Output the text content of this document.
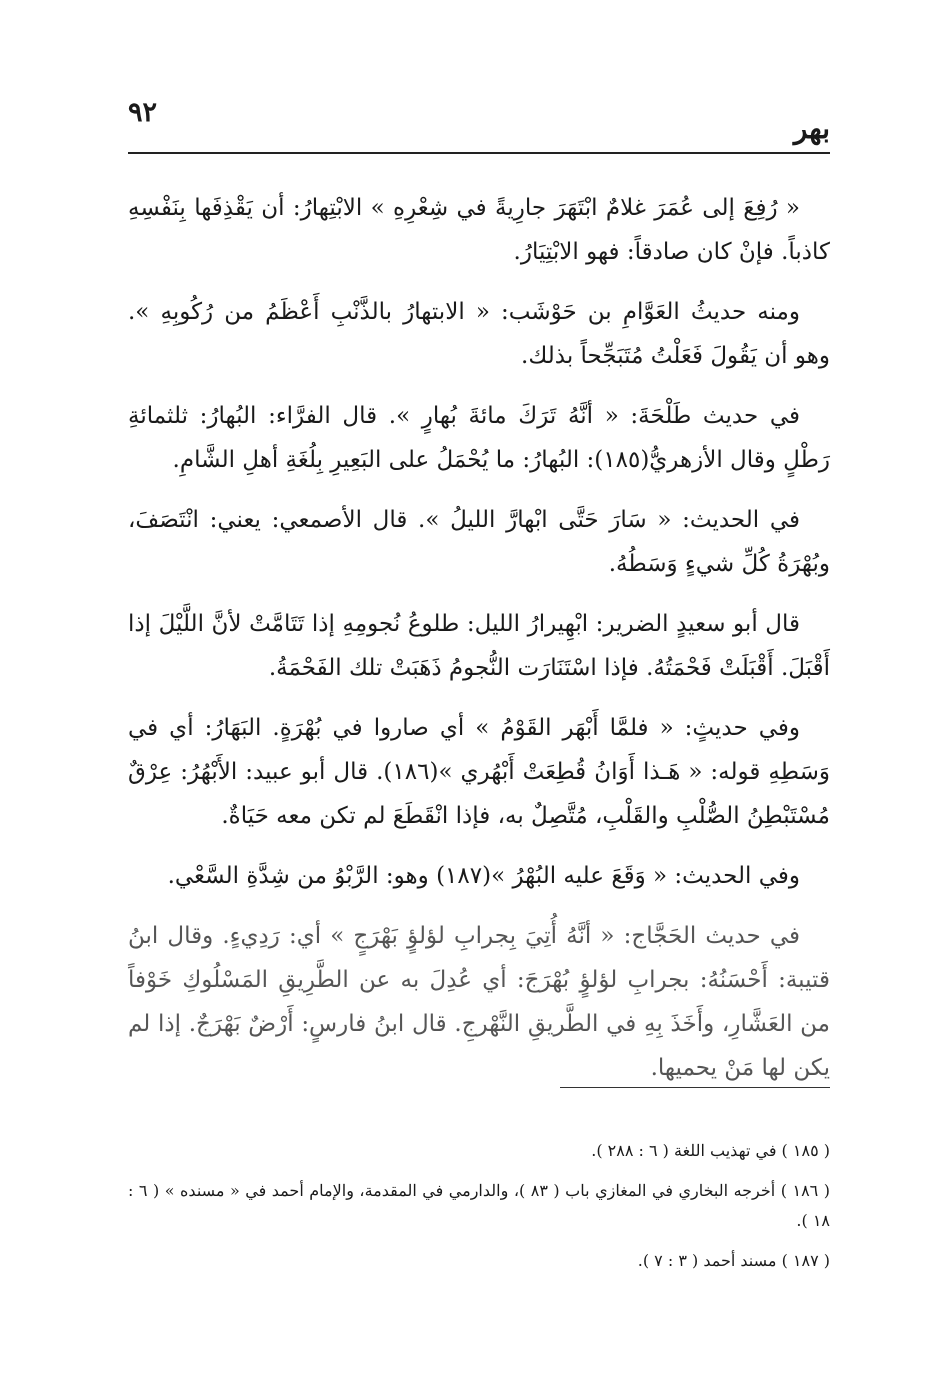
بهر
٩٢

« رُفِعَ إلى عُمَرَ غلامٌ ابْتَهَرَ جارِيةً في شِعْرِهِ » الابْتِهارُ: أن يَقْذِفَها بِنَفْسِهِ كاذباً. فإنْ كان صادقاً: فهو الابْتِيَارُ.

ومنه حديثُ العَوَّامِ بن حَوْشَب: « الابتهارُ بالذَّنْبِ أَعْظَمُ من رُكُوبِهِ ». وهو أن يَقُولَ فَعَلْتُ مُتَبَجِّحاً بذلك.

في حديث طَلْحَةَ: « أنَّهُ تَرَكَ مائةَ بُهارٍ ». قال الفرَّاء: البُهارُ: ثلثمائةِ رَطْلٍ وقال الأزهريُّ(١٨٥): البُهارُ: ما يُحْمَلُ على البَعِيرِ بِلُغَةِ أهلِ الشَّامِ.

في الحديث: « سَارَ حَتَّى ابْهارَّ الليلُ ». قال الأصمعي: يعني: انْتَصَفَ، وبُهْرَةُ كُلِّ شيءٍ وَسَطُهُ.

قال أبو سعيدٍ الضرير: ابْهِيرارُ الليل: طلوعُ نُجومِهِ إذا تَتَامَّتْ لأنَّ اللَّيْلَ إذا أَقْبَلَ. أَقْبَلَتْ فَحْمَتُهُ. فإذا اسْتَنَارَت النُّجومُ ذَهَبَتْ تلك الفَحْمَةُ.

وفي حديثٍ: « فلمَّا أَبْهَر القَوْمُ » أي صاروا في بُهْرَةٍ. البَهَارُ: أي في وَسَطِهِ قوله: « هَـذا أَوَانُ قُطِعَتْ أَبْهُري »(١٨٦). قال أبو عبيد: الأَبْهُرُ: عِرْقٌ مُسْتَبْطِنُ الصُّلْبِ والقَلْبِ، مُتَّصِلٌ به، فإذا انْقَطَعَ لم تكن معه حَيَاةٌ.

وفي الحديث: « وَقَعَ عليه البُهْرُ »(١٨٧) وهو: الرَّبْوُ من شِدَّةِ السَّعْي.

في حديث الحَجَّاج: « أنَّهُ أُتِيَ بِجرابِ لؤلؤٍ بَهْرَجٍ » أي: رَدِيءٍ. وقال ابنُ قتيبة: أَحْسَنُهُ: بجرابِ لؤلؤٍ بُهْرَجَ: أي عُدِلَ به عن الطَّرِيقِ المَسْلُوكِ خَوْفاً من العَشَّارِ، وأَخَذَ بِهِ في الطَّريقِ النَّهْرجِ. قال ابنُ فارسٍ: أَرْضٌ بَهْرَجٌ. إذا لم يكن لها مَنْ يحميها.

( ١٨٥ ) في تهذيب اللغة ( ٦ : ٢٨٨ ).

( ١٨٦ ) أخرجه البخاري في المغازي باب ( ٨٣ )، والدارمي في المقدمة، والإمام أحمد في « مسنده » ( ٦ : ١٨ ).

( ١٨٧ ) مسند أحمد ( ٣ : ٧ ).
